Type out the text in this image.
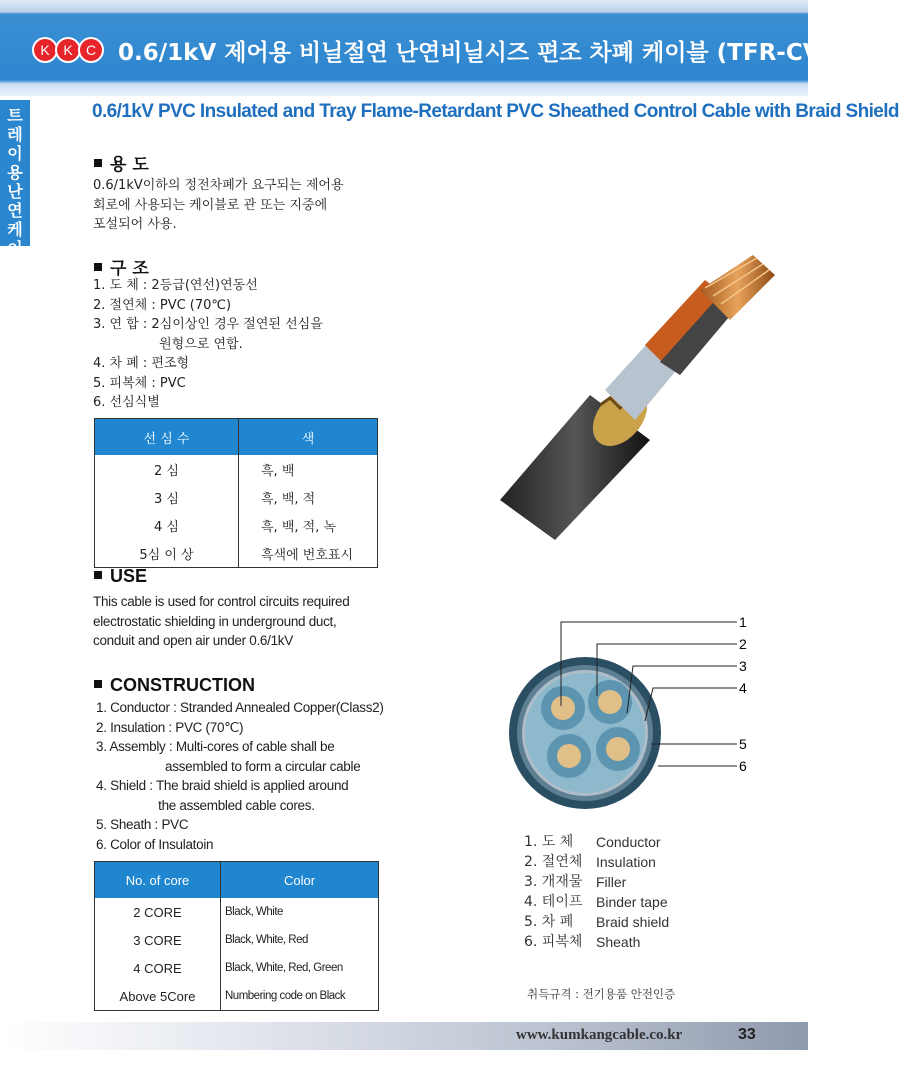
K K C 0.6/1kV 제어용 비닐절연 난연비닐시즈 편조 차폐 케이블 (TFR-CVV-SB)
트
레
이
용
난
연
케
이
블
0.6/1kV PVC Insulated and Tray Flame-Retardant PVC Sheathed Control Cable with Braid Shield
용 도
0.6/1kV이하의 정전차폐가 요구되는 제어용
회로에 사용되는 케이블로 관 또는 지중에
포설되어 사용.
구 조
1. 도 체 : 2등급(연선)연동선
2. 절연체 : PVC (70℃)
3. 연 합 : 2심이상인 경우 절연된 선심을
원형으로 연합.
4. 차 폐 : 편조형
5. 피복체 : PVC
6. 선심식별
선 심 수	색
2 심	흑, 백
3 심	흑, 백, 적
4 심	흑, 백, 적, 녹
5심 이 상	흑색에 번호표시
USE
This cable is used for control circuits required
electrostatic shielding in underground duct,
conduit and open air under 0.6/1kV
CONSTRUCTION
1. Conductor : Stranded Annealed Copper(Class2)
2. Insulation : PVC (70℃)
3. Assembly : Multi-cores of cable shall be
assembled to form a circular cable
4. Shield : The braid shield is applied around
the assembled cable cores.
5. Sheath : PVC
6. Color of Insulatoin
No. of core	Color
2 CORE	Black, White
3 CORE	Black, White, Red
4 CORE	Black, White, Red, Green
Above 5Core	Numbering code on Black
1
2
3
4
5
6
1. 도 체	Conductor
2. 절연체 Insulation
3. 개재물 Filler
4. 테이프 Binder tape
5. 차 폐	Braid shield
6. 피복체 Sheath
취득규격 : 전기용품 안전인증
www.kumkangcable.co.kr	33
